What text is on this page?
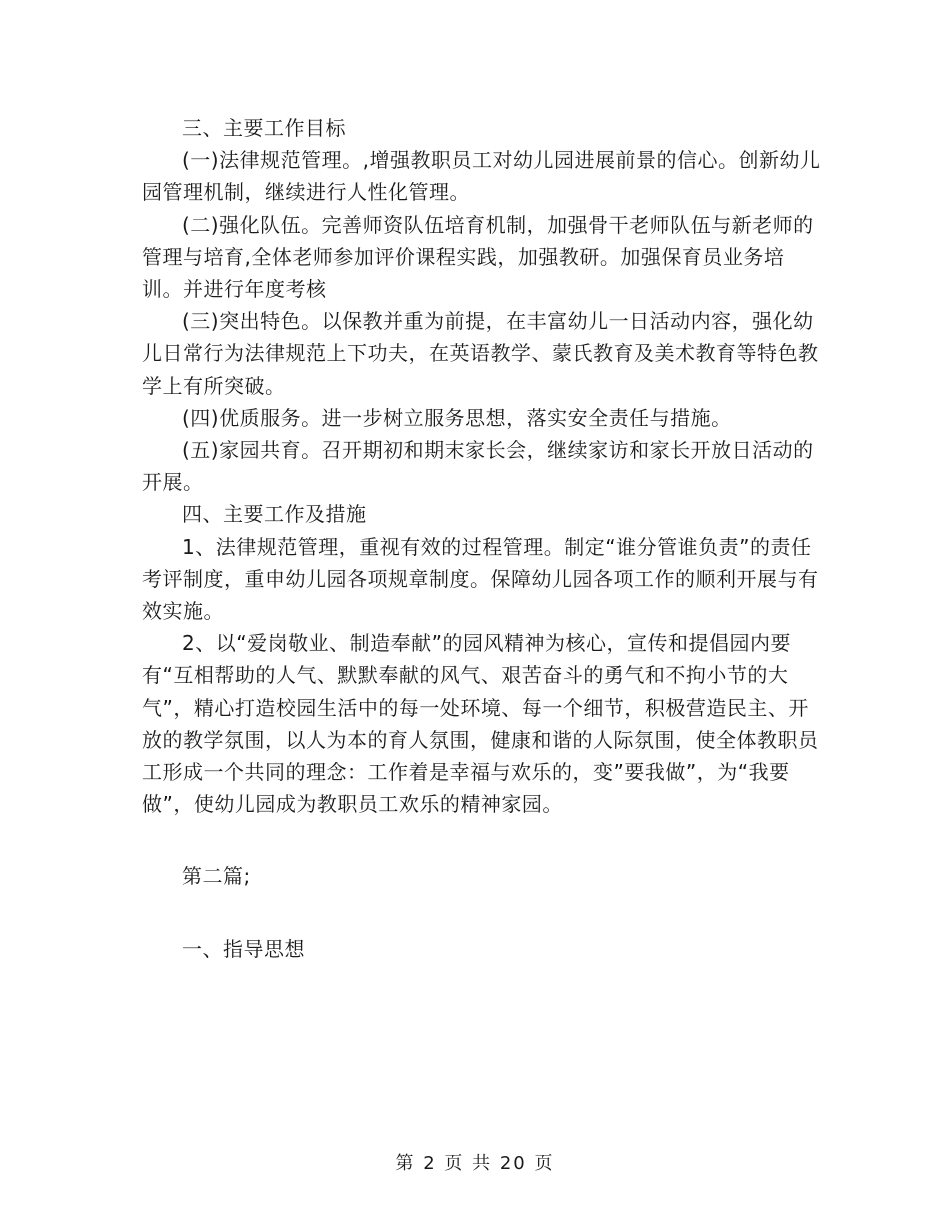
三、主要工作目标

(一)法律规范管理。,增强教职员工对幼儿园进展前景的信心。创新幼儿园管理机制，继续进行人性化管理。

(二)强化队伍。完善师资队伍培育机制，加强骨干老师队伍与新老师的管理与培育,全体老师参加评价课程实践，加强教研。加强保育员业务培训。并进行年度考核

(三)突出特色。以保教并重为前提，在丰富幼儿一日活动内容，强化幼儿日常行为法律规范上下功夫，在英语教学、蒙氏教育及美术教育等特色教学上有所突破。

(四)优质服务。进一步树立服务思想，落实安全责任与措施。

(五)家园共育。召开期初和期末家长会，继续家访和家长开放日活动的开展。

四、主要工作及措施

1、法律规范管理，重视有效的过程管理。制定“谁分管谁负责”的责任考评制度，重申幼儿园各项规章制度。保障幼儿园各项工作的顺利开展与有效实施。

2、以“爱岗敬业、制造奉献”的园风精神为核心，宣传和提倡园内要有“互相帮助的人气、默默奉献的风气、艰苦奋斗的勇气和不拘小节的大气”，精心打造校园生活中的每一处环境、每一个细节，积极营造民主、开放的教学氛围，以人为本的育人氛围，健康和谐的人际氛围，使全体教职员工形成一个共同的理念：工作着是幸福与欢乐的，变”要我做”，为“我要做”，使幼儿园成为教职员工欢乐的精神家园。

第二篇;

一、指导思想

第 2 页 共 20 页
